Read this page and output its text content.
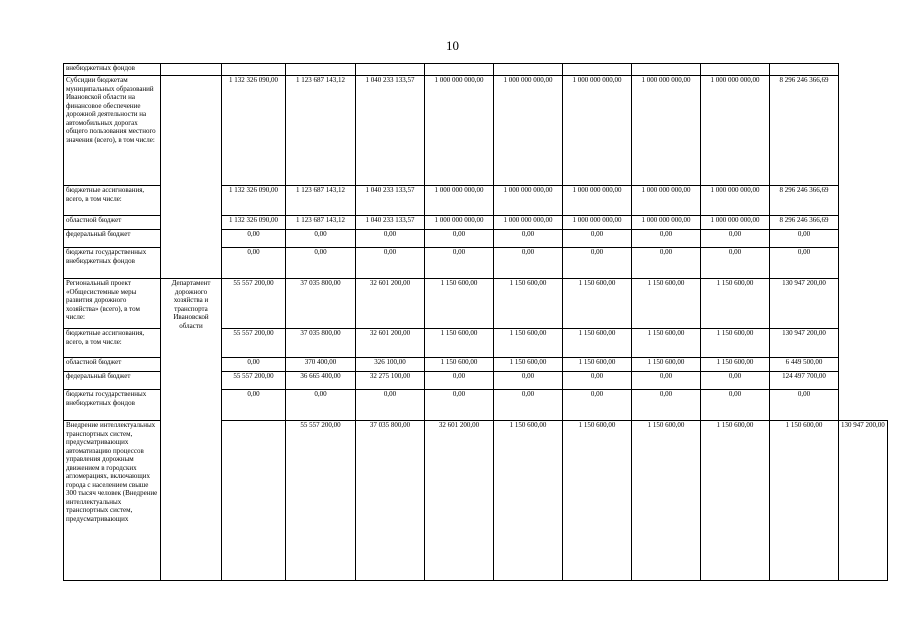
10
внебюджетных фондов											
Субсидии бюджетам муниципальных образований Ивановской области на финансовое обеспечение дорожной деятельности на автомобильных дорогах общего пользования местного значения (всего), в том числе:		1 132 326 090,00	1 123 687 143,12	1 040 233 133,57	1 000 000 000,00	1 000 000 000,00	1 000 000 000,00	1 000 000 000,00	1 000 000 000,00	8 296 246 366,69	
бюджетные ассигнования, всего, в том числе:		1 132 326 090,00	1 123 687 143,12	1 040 233 133,57	1 000 000 000,00	1 000 000 000,00	1 000 000 000,00	1 000 000 000,00	1 000 000 000,00	8 296 246 366,69	
областной бюджет		1 132 326 090,00	1 123 687 143,12	1 040 233 133,57	1 000 000 000,00	1 000 000 000,00	1 000 000 000,00	1 000 000 000,00	1 000 000 000,00	8 296 246 366,69	
федеральный бюджет		0,00	0,00	0,00	0,00	0,00	0,00	0,00	0,00	0,00	
бюджеты государственных внебюджетных фондов		0,00	0,00	0,00	0,00	0,00	0,00	0,00	0,00	0,00	
Региональный проект «Общесистемные меры развития дорожного хозяйства» (всего), в том числе:	Департамент дорожного хозяйства и транспорта Ивановской области	55 557 200,00	37 035 800,00	32 601 200,00	1 150 600,00	1 150 600,00	1 150 600,00	1 150 600,00	1 150 600,00	130 947 200,00	
бюджетные ассигнования, всего, в том числе:		55 557 200,00	37 035 800,00	32 601 200,00	1 150 600,00	1 150 600,00	1 150 600,00	1 150 600,00	1 150 600,00	130 947 200,00	
областной бюджет		0,00	370 400,00	326 100,00	1 150 600,00	1 150 600,00	1 150 600,00	1 150 600,00	1 150 600,00	6 449 500,00	
федеральный бюджет		55 557 200,00	36 665 400,00	32 275 100,00	0,00	0,00	0,00	0,00	0,00	124 497 700,00	
бюджеты государственных внебюджетных фондов		0,00	0,00	0,00	0,00	0,00	0,00	0,00	0,00	0,00	
Внедрение интеллектуальных транспортных систем, предусматривающих автоматизацию процессов управления дорожным движением в городских агломерациях, включающих города с населением свыше 300 тысяч человек (Внедрение интеллектуальных транспортных систем, предусматривающих			55 557 200,00	37 035 800,00	32 601 200,00	1 150 600,00	1 150 600,00	1 150 600,00	1 150 600,00	1 150 600,00	130 947 200,00
